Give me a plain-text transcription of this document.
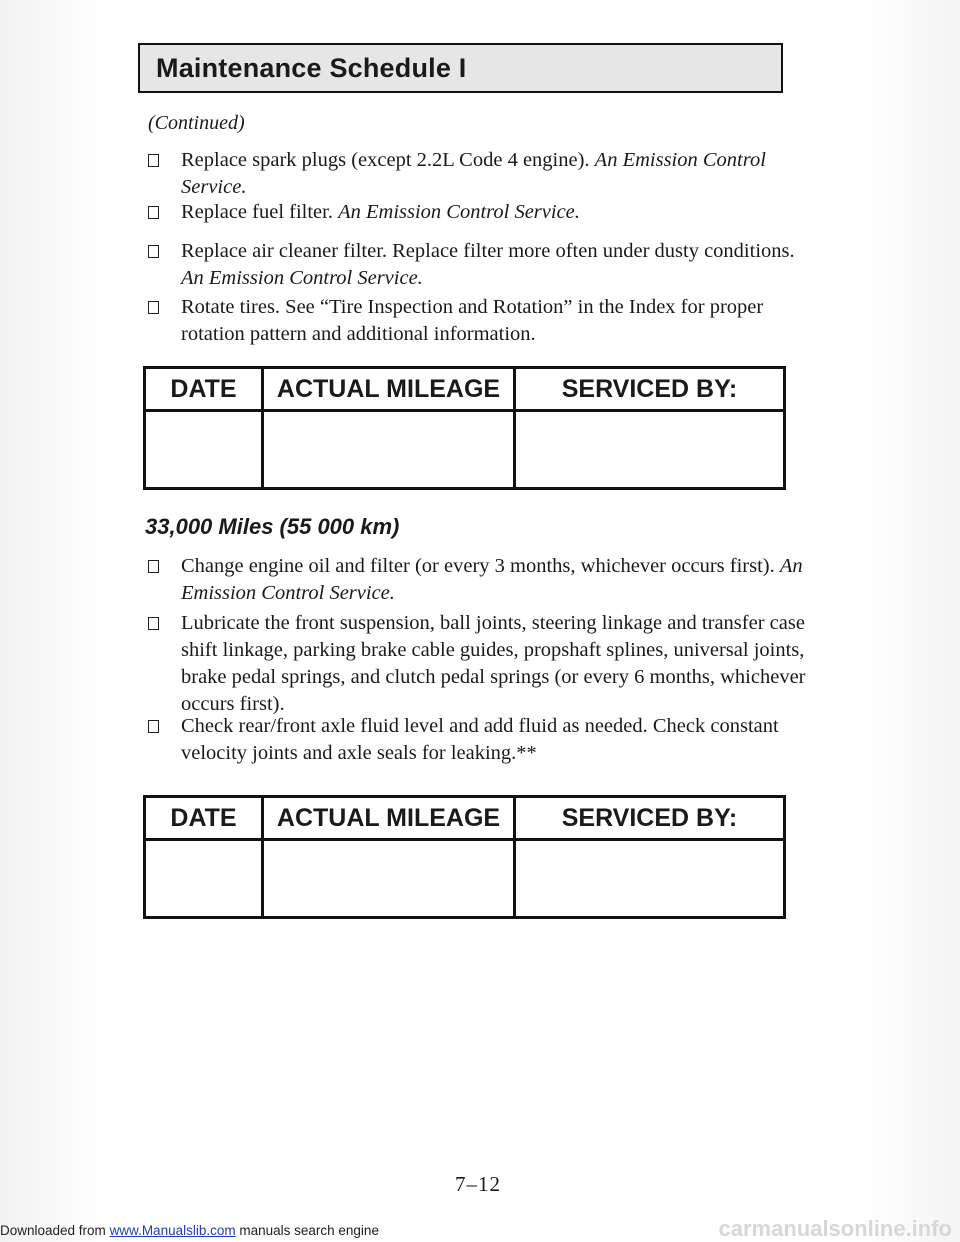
Maintenance Schedule I
(Continued)
Replace spark plugs (except 2.2L Code 4 engine). An Emission Control Service.
Replace fuel filter. An Emission Control Service.
Replace air cleaner filter. Replace filter more often under dusty conditions. An Emission Control Service.
Rotate tires. See “Tire Inspection and Rotation” in the Index for proper rotation pattern and additional information.
DATE	ACTUAL MILEAGE	SERVICED BY:

33,000 Miles (55 000 km)
Change engine oil and filter (or every 3 months, whichever occurs first). An Emission Control Service.
Lubricate the front suspension, ball joints, steering linkage and transfer case shift linkage, parking brake cable guides, propshaft splines, universal joints, brake pedal springs, and clutch pedal springs (or every 6 months, whichever occurs first).
Check rear/front axle fluid level and add fluid as needed. Check constant velocity joints and axle seals for leaking.**
DATE	ACTUAL MILEAGE	SERVICED BY:

7–12
Downloaded from www.Manualslib.com manuals search engine	carmanualsonline.info
